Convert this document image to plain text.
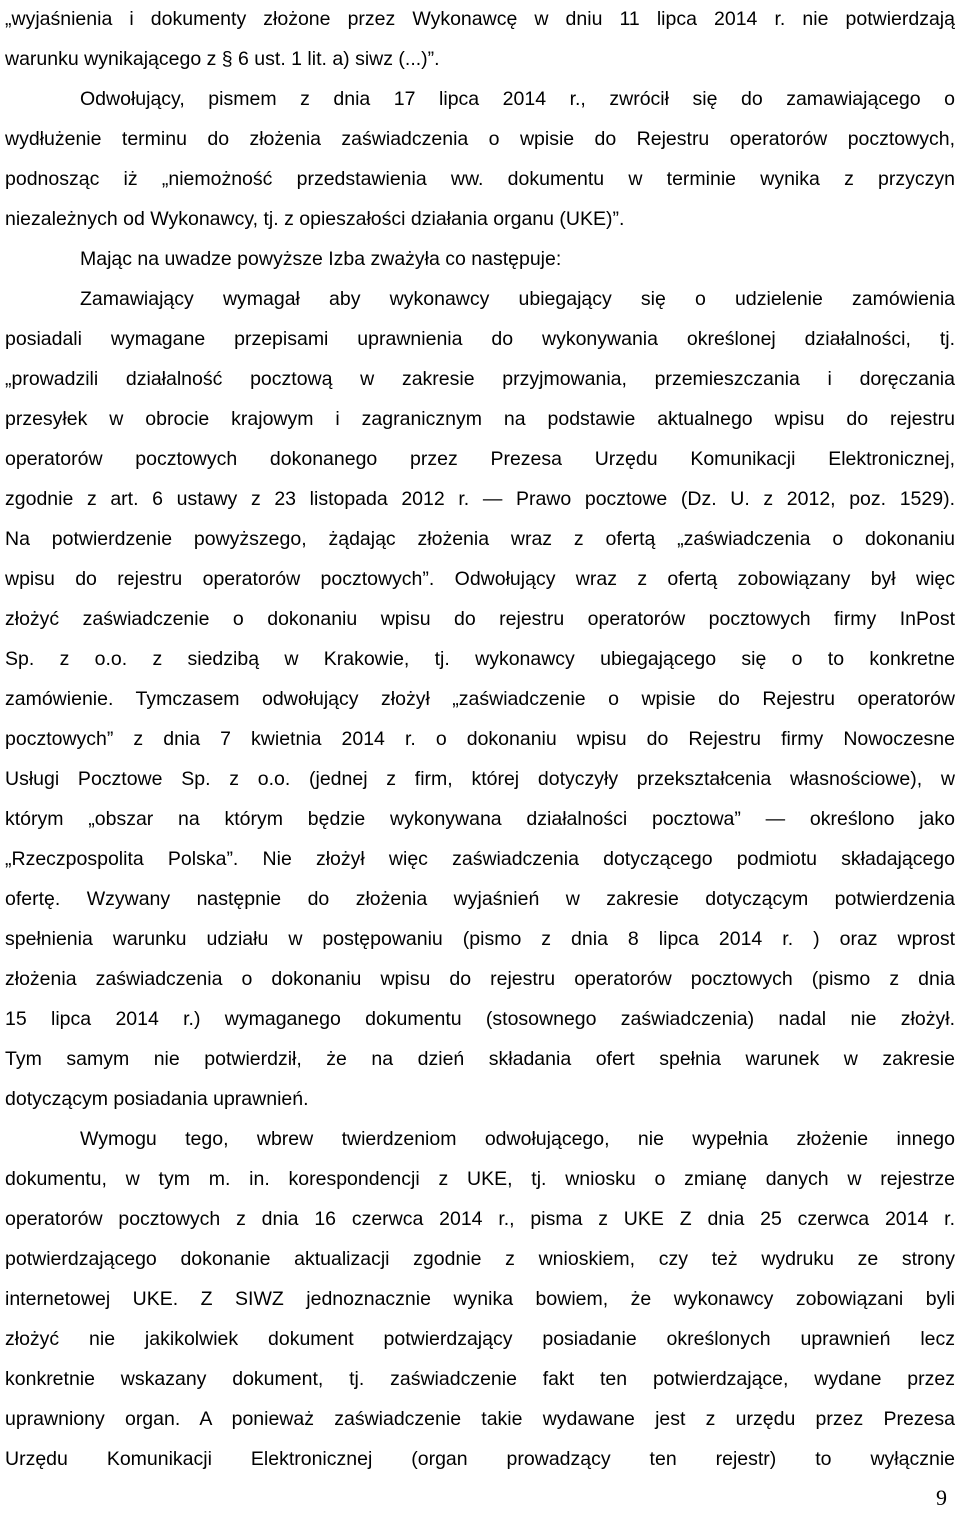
„wyjaśnienia i dokumenty złożone przez Wykonawcę w dniu 11 lipca 2014 r. nie potwierdzają
warunku wynikającego z § 6 ust. 1 lit. a) siwz (...)”.
Odwołujący, pismem z dnia 17 lipca 2014 r., zwrócił się do zamawiającego o
wydłużenie terminu do złożenia zaświadczenia o wpisie do Rejestru operatorów pocztowych,
podnosząc iż „niemożność przedstawienia ww. dokumentu w terminie wynika z przyczyn
niezależnych od Wykonawcy, tj. z opieszałości działania organu (UKE)”.
Mając na uwadze powyższe Izba zważyła co następuje:
Zamawiający wymagał aby wykonawcy ubiegający się o udzielenie zamówienia
posiadali wymagane przepisami uprawnienia do wykonywania określonej działalności, tj.
„prowadzili działalność pocztową w zakresie przyjmowania, przemieszczania i doręczania
przesyłek w obrocie krajowym i zagranicznym na podstawie aktualnego wpisu do rejestru
operatorów pocztowych dokonanego przez Prezesa Urzędu Komunikacji Elektronicznej,
zgodnie z art. 6 ustawy z 23 listopada 2012 r. — Prawo pocztowe (Dz. U. z 2012, poz. 1529).
Na potwierdzenie powyższego, żądając złożenia wraz z ofertą „zaświadczenia o dokonaniu
wpisu do rejestru operatorów pocztowych”. Odwołujący wraz z ofertą zobowiązany był więc
złożyć zaświadczenie o dokonaniu wpisu do rejestru operatorów pocztowych firmy InPost
Sp. z o.o. z siedzibą w Krakowie, tj. wykonawcy ubiegającego się o to konkretne
zamówienie. Tymczasem odwołujący złożył „zaświadczenie o wpisie do Rejestru operatorów
pocztowych” z dnia 7 kwietnia 2014 r. o dokonaniu wpisu do Rejestru firmy Nowoczesne
Usługi Pocztowe Sp. z o.o. (jednej z firm, której dotyczyły przekształcenia własnościowe), w
którym „obszar na którym będzie wykonywana działalności pocztowa” — określono jako
„Rzeczpospolita Polska”. Nie złożył więc zaświadczenia dotyczącego podmiotu składającego
ofertę. Wzywany następnie do złożenia wyjaśnień w zakresie dotyczącym potwierdzenia
spełnienia warunku udziału w postępowaniu (pismo z dnia 8 lipca 2014 r. ) oraz wprost
złożenia zaświadczenia o dokonaniu wpisu do rejestru operatorów pocztowych (pismo z dnia
15 lipca 2014 r.) wymaganego dokumentu (stosownego zaświadczenia) nadal nie złożył.
Tym samym nie potwierdził, że na dzień składania ofert spełnia warunek w zakresie
dotyczącym posiadania uprawnień.
Wymogu tego, wbrew twierdzeniom odwołującego, nie wypełnia złożenie innego
dokumentu, w tym m. in. korespondencji z UKE, tj. wniosku o zmianę danych w rejestrze
operatorów pocztowych z dnia 16 czerwca 2014 r., pisma z UKE Z dnia 25 czerwca 2014 r.
potwierdzającego dokonanie aktualizacji zgodnie z wnioskiem, czy też wydruku ze strony
internetowej UKE. Z SIWZ jednoznacznie wynika bowiem, że wykonawcy zobowiązani byli
złożyć nie jakikolwiek dokument potwierdzający posiadanie określonych uprawnień lecz
konkretnie wskazany dokument, tj. zaświadczenie fakt ten potwierdzające, wydane przez
uprawniony organ. A ponieważ zaświadczenie takie wydawane jest z urzędu przez Prezesa
Urzędu Komunikacji Elektronicznej (organ prowadzący ten rejestr) to wyłącznie
9
